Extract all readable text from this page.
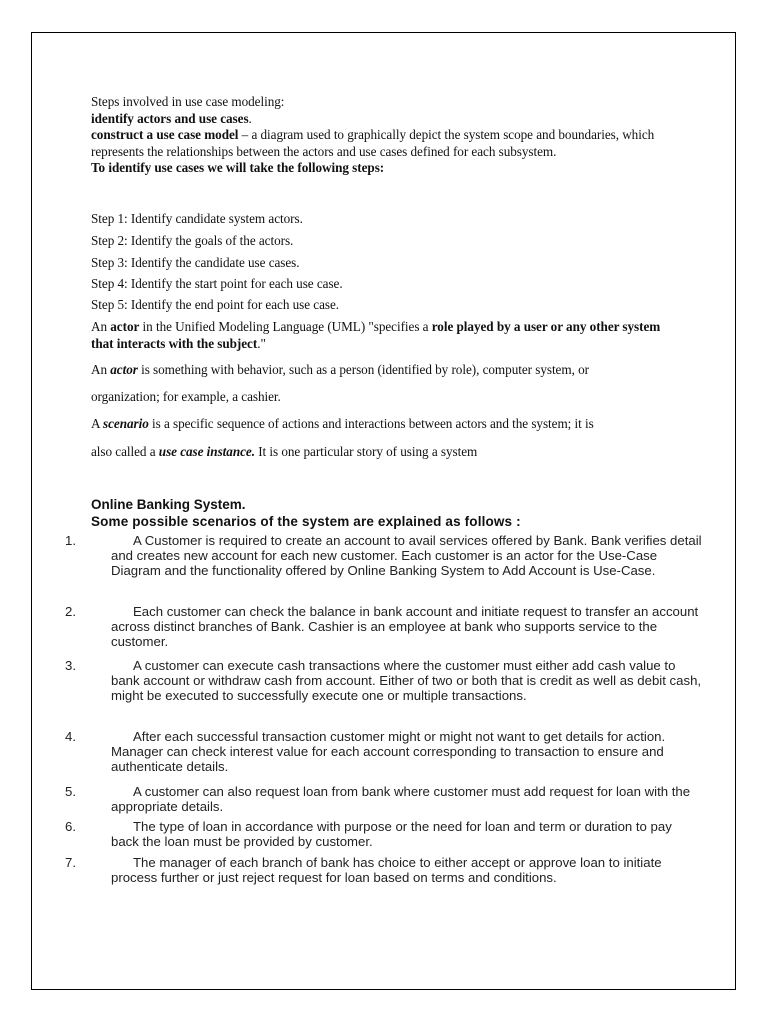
Steps involved in use case modeling:

identify actors and use cases.

construct a use case model – a diagram used to graphically depict the system scope and boundaries, which represents the relationships between the actors and use cases defined for each subsystem.

To identify use cases we will take the following steps:

Step 1: Identify candidate system actors.

Step 2: Identify the goals of the actors.

Step 3: Identify the candidate use cases.

Step 4: Identify the start point for each use case.

Step 5: Identify the end point for each use case.

An actor in the Unified Modeling Language (UML) "specifies a role played by a user or any other system that interacts with the subject."

An actor is something with behavior, such as a person (identified by role), computer system, or

organization; for example, a cashier.

A scenario is a specific sequence of actions and interactions between actors and the system; it is

also called a use case instance. It is one particular story of using a system

Online Banking System.

Some possible scenarios of the system are explained as follows :

1.	A Customer is required to create an account to avail services offered by Bank. Bank verifies detail and creates new account for each new customer. Each customer is an actor for the Use-Case Diagram and the functionality offered by Online Banking System to Add Account is Use-Case.
2.	Each customer can check the balance in bank account and initiate request to transfer an account across distinct branches of Bank. Cashier is an employee at bank who supports service to the customer.
3.	A customer can execute cash transactions where the customer must either add cash value to bank account or withdraw cash from account. Either of two or both that is credit as well as debit cash, might be executed to successfully execute one or multiple transactions.
4.	After each successful transaction customer might or might not want to get details for action. Manager can check interest value for each account corresponding to transaction to ensure and authenticate details.
5.	A customer can also request loan from bank where customer must add request for loan with the appropriate details.
6.	The type of loan in accordance with purpose or the need for loan and term or duration to pay back the loan must be provided by customer.
7.	The manager of each branch of bank has choice to either accept or approve loan to initiate process further or just reject request for loan based on terms and conditions.
